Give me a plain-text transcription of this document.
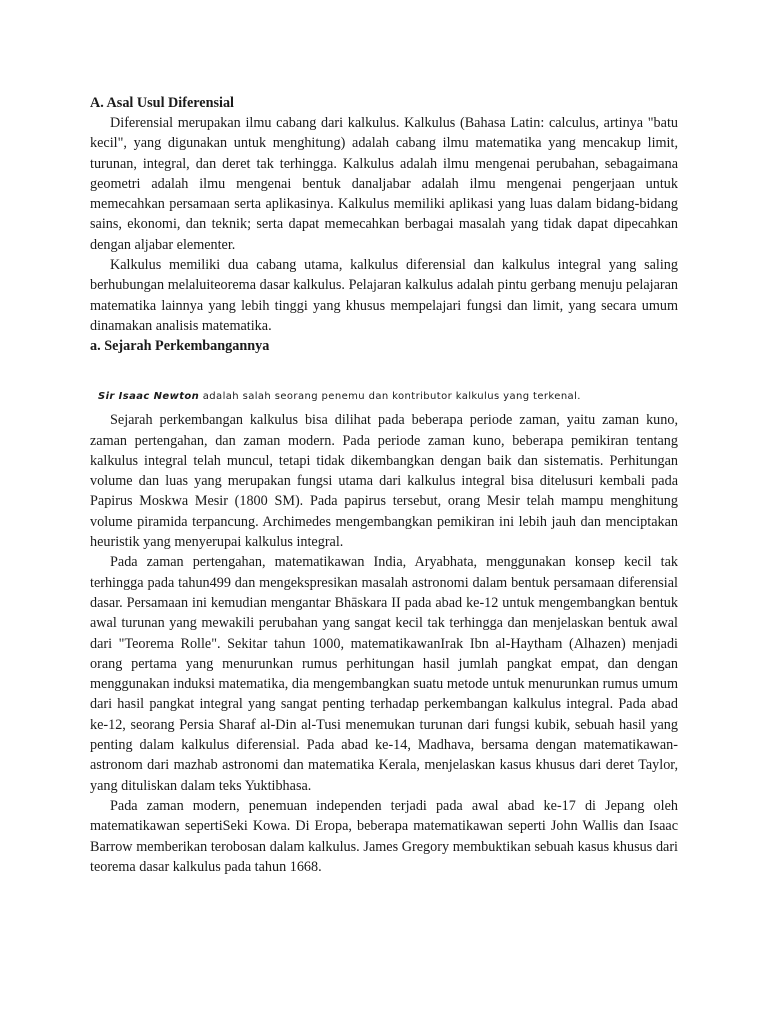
A. Asal Usul Diferensial

Diferensial merupakan ilmu cabang dari kalkulus. Kalkulus (Bahasa Latin: calculus, artinya "batu kecil", yang digunakan untuk menghitung) adalah cabang ilmu matematika yang mencakup limit, turunan, integral, dan deret tak terhingga. Kalkulus adalah ilmu mengenai perubahan, sebagaimana geometri adalah ilmu mengenai bentuk danaljabar adalah ilmu mengenai pengerjaan untuk memecahkan persamaan serta aplikasinya. Kalkulus memiliki aplikasi yang luas dalam bidang-bidang sains, ekonomi, dan teknik; serta dapat memecahkan berbagai masalah yang tidak dapat dipecahkan dengan aljabar elementer.

Kalkulus memiliki dua cabang utama, kalkulus diferensial dan kalkulus integral yang saling berhubungan melaluiteorema dasar kalkulus. Pelajaran kalkulus adalah pintu gerbang menuju pelajaran matematika lainnya yang lebih tinggi yang khusus mempelajari fungsi dan limit, yang secara umum dinamakan analisis matematika.

a. Sejarah Perkembangannya

Sir Isaac Newton adalah salah seorang penemu dan kontributor kalkulus yang terkenal.

Sejarah perkembangan kalkulus bisa dilihat pada beberapa periode zaman, yaitu zaman kuno, zaman pertengahan, dan zaman modern. Pada periode zaman kuno, beberapa pemikiran tentang kalkulus integral telah muncul, tetapi tidak dikembangkan dengan baik dan sistematis. Perhitungan volume dan luas yang merupakan fungsi utama dari kalkulus integral bisa ditelusuri kembali pada Papirus Moskwa Mesir (1800 SM). Pada papirus tersebut, orang Mesir telah mampu menghitung volume piramida terpancung. Archimedes mengembangkan pemikiran ini lebih jauh dan menciptakan heuristik yang menyerupai kalkulus integral.

Pada zaman pertengahan, matematikawan India, Aryabhata, menggunakan konsep kecil tak terhingga pada tahun499 dan mengekspresikan masalah astronomi dalam bentuk persamaan diferensial dasar. Persamaan ini kemudian mengantar Bhāskara II pada abad ke-12 untuk mengembangkan bentuk awal turunan yang mewakili perubahan yang sangat kecil tak terhingga dan menjelaskan bentuk awal dari "Teorema Rolle". Sekitar tahun 1000, matematikawanIrak Ibn al-Haytham (Alhazen) menjadi orang pertama yang menurunkan rumus perhitungan hasil jumlah pangkat empat, dan dengan menggunakan induksi matematika, dia mengembangkan suatu metode untuk menurunkan rumus umum dari hasil pangkat integral yang sangat penting terhadap perkembangan kalkulus integral. Pada abad ke-12, seorang Persia Sharaf al-Din al-Tusi menemukan turunan dari fungsi kubik, sebuah hasil yang penting dalam kalkulus diferensial. Pada abad ke-14, Madhava, bersama dengan matematikawan-astronom dari mazhab astronomi dan matematika Kerala, menjelaskan kasus khusus dari deret Taylor, yang dituliskan dalam teks Yuktibhasa.

Pada zaman modern, penemuan independen terjadi pada awal abad ke-17 di Jepang oleh matematikawan sepertiSeki Kowa. Di Eropa, beberapa matematikawan seperti John Wallis dan Isaac Barrow memberikan terobosan dalam kalkulus. James Gregory membuktikan sebuah kasus khusus dari teorema dasar kalkulus pada tahun 1668.
